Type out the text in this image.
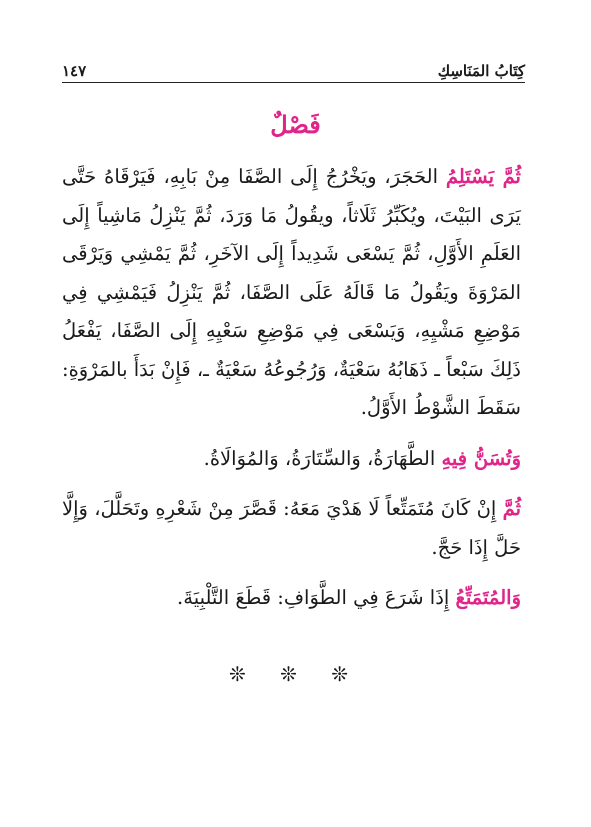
١٤٧	كِتَابُ المَنَاسِكِ
فَصْلٌ

ثُمَّ يَسْتَلِمُ الحَجَرَ، ويَخْرُجُ إِلَى الصَّفَا مِنْ بَابِهِ، فَيَرْقَاهُ حَتَّى يَرَى البَيْتَ، ويُكَبِّرُ ثَلَاثاً، ويقُولُ مَا وَرَدَ، ثُمَّ يَنْزِلُ مَاشِياً إِلَى العَلَمِ الأَوَّلِ، ثُمَّ يَسْعَى شَدِيداً إِلَى الآخَرِ، ثُمَّ يَمْشِي وَيَرْقَى المَرْوَةَ ويَقُولُ مَا قَالَهُ عَلَى الصَّفَا، ثُمَّ يَنْزِلُ فَيَمْشِي فِي مَوْضِعِ مَشْيِهِ، وَيَسْعَى فِي مَوْضِعِ سَعْيِهِ إِلَى الصَّفَا، يَفْعَلُ ذَلِكَ سَبْعاً ـ ذَهَابُهُ سَعْيَةٌ، وَرُجُوعُهُ سَعْيَةٌ ـ، فَإِنْ بَدَأَ بالمَرْوَةِ: سَقَطَ الشَّوْطُ الأَوَّلُ.

وَتُسَنُّ فِيهِ الطَّهَارَةُ، وَالسِّتَارَةُ، وَالمُوَالَاةُ.

ثُمَّ إِنْ كَانَ مُتَمَتِّعاً لَا هَدْيَ مَعَهُ: قَصَّرَ مِنْ شَعْرِهِ وتَحَلَّلَ، وَإِلَّا حَلَّ إِذَا حَجَّ.

وَالمُتَمَتِّعُ إِذَا شَرَعَ فِي الطَّوَافِ: قَطَعَ التَّلْبِيَةَ.

❊ ❊ ❊
